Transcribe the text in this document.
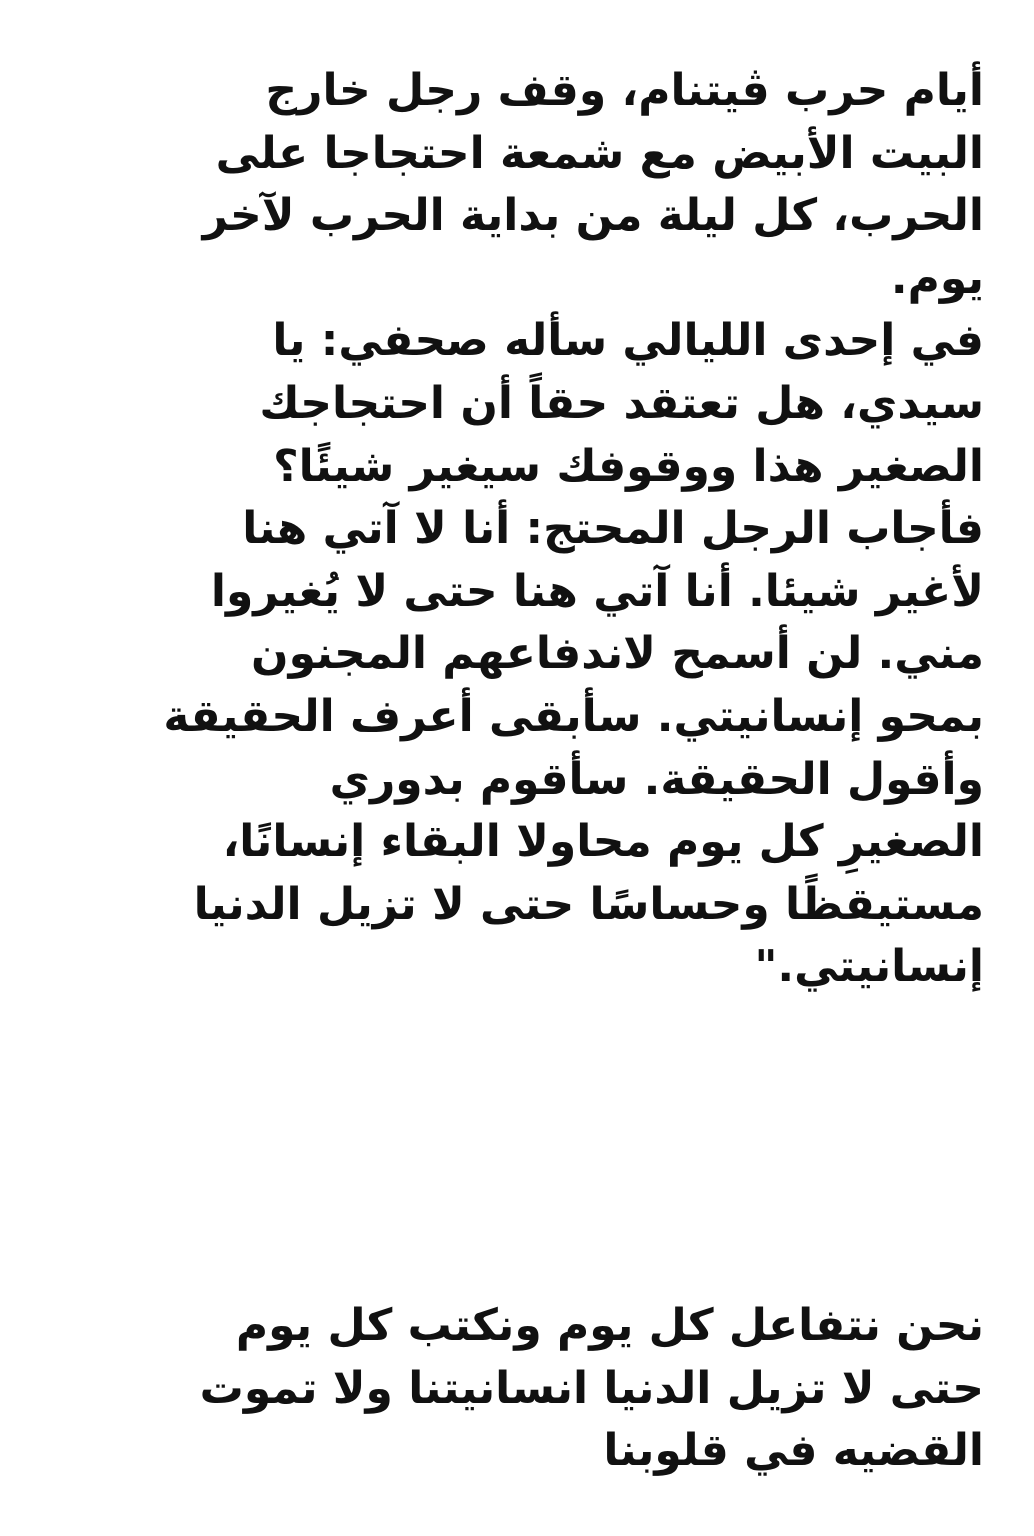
أيام حرب ڤيتنام، وقف رجل خارج
البيت الأبيض مع شمعة احتجاجا على
الحرب، كل ليلة من بداية الحرب لآخر
يوم.
في إحدى الليالي سأله صحفي: يا
سيدي، هل تعتقد حقاً أن احتجاجك
الصغير هذا ووقوفك سيغير شيئًا؟
فأجاب الرجل المحتج: أنا لا آتي هنا
لأغير شيئا. أنا آتي هنا حتى لا يُغيروا
مني. لن أسمح لاندفاعهم المجنون
بمحو إنسانيتي. سأبقى أعرف الحقيقة
وأقول الحقيقة. سأقوم بدوري
الصغيرِ كل يوم محاولا البقاء إنسانًا،
مستيقظًا وحساسًا حتى لا تزيل الدنيا
إنسانيتي."
نحن نتفاعل كل يوم ونكتب كل يوم
حتى لا تزيل الدنيا انسانيتنا ولا تموت
القضيه في قلوبنا
